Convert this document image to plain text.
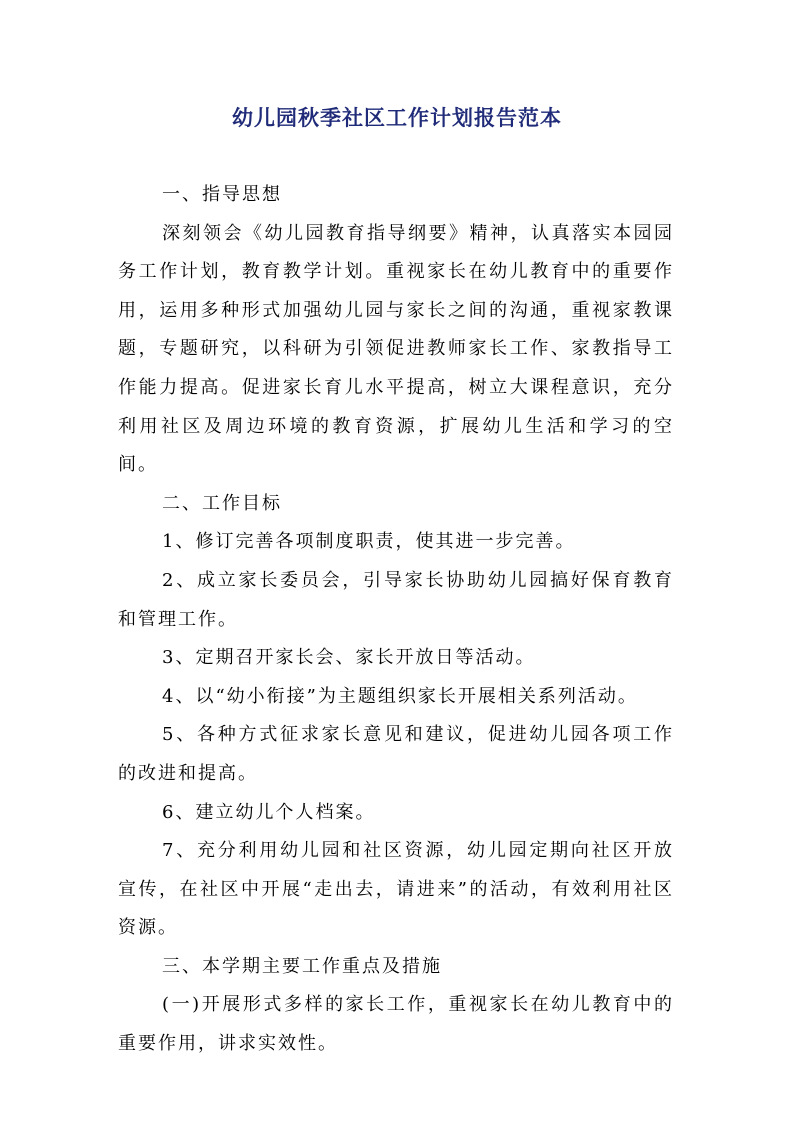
幼儿园秋季社区工作计划报告范本

一、指导思想

深刻领会《幼儿园教育指导纲要》精神，认真落实本园园务工作计划，教育教学计划。重视家长在幼儿教育中的重要作用，运用多种形式加强幼儿园与家长之间的沟通，重视家教课题，专题研究，以科研为引领促进教师家长工作、家教指导工作能力提高。促进家长育儿水平提高，树立大课程意识，充分利用社区及周边环境的教育资源，扩展幼儿生活和学习的空间。

二、工作目标

1、修订完善各项制度职责，使其进一步完善。

2、成立家长委员会，引导家长协助幼儿园搞好保育教育和管理工作。

3、定期召开家长会、家长开放日等活动。

4、以“幼小衔接”为主题组织家长开展相关系列活动。

5、各种方式征求家长意见和建议，促进幼儿园各项工作的改进和提高。

6、建立幼儿个人档案。

7、充分利用幼儿园和社区资源，幼儿园定期向社区开放宣传，在社区中开展“走出去，请进来”的活动，有效利用社区资源。

三、本学期主要工作重点及措施

(一)开展形式多样的家长工作，重视家长在幼儿教育中的重要作用，讲求实效性。
